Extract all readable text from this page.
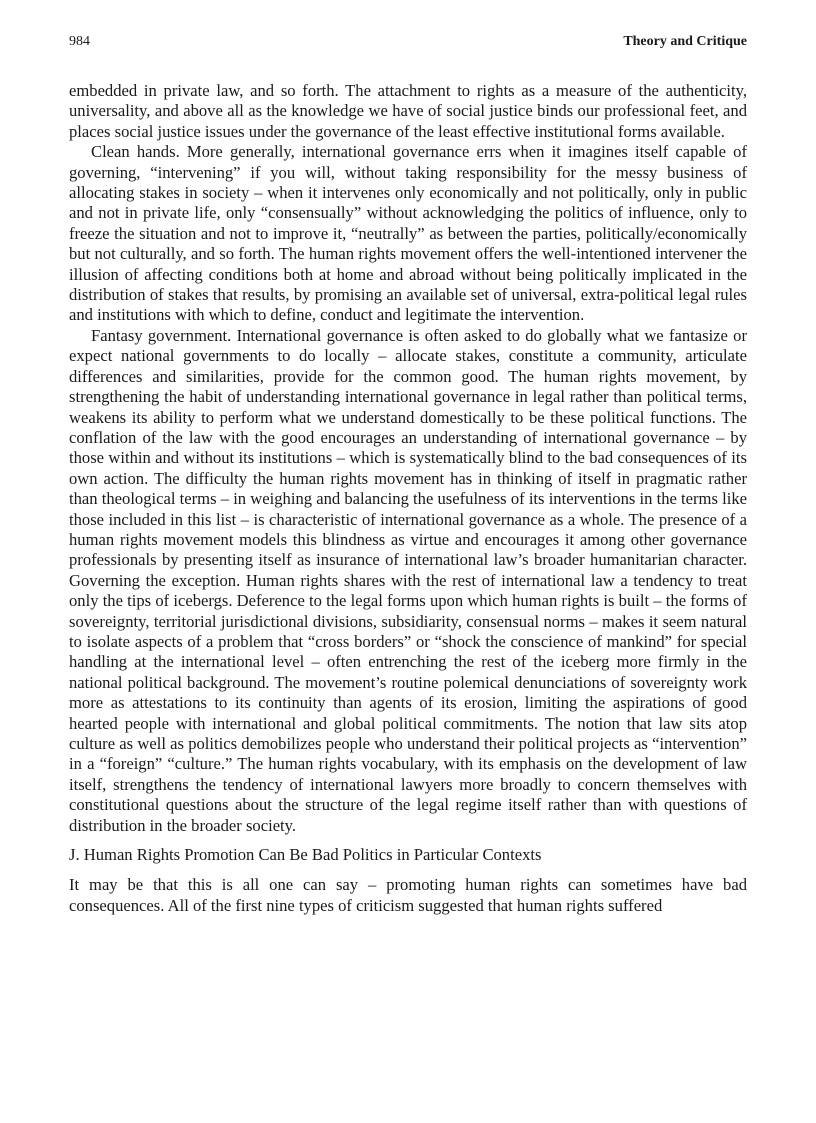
984	Theory and Critique

embedded in private law, and so forth. The attachment to rights as a measure of the authenticity, universality, and above all as the knowledge we have of social justice binds our professional feet, and places social justice issues under the governance of the least effective institutional forms available.

Clean hands. More generally, international governance errs when it imagines itself capable of governing, “intervening” if you will, without taking responsibility for the messy business of allocating stakes in society – when it intervenes only economically and not politically, only in public and not in private life, only “consensually” without acknowledging the politics of influence, only to freeze the situation and not to improve it, “neutrally” as between the parties, politically/economically but not culturally, and so forth. The human rights movement offers the well-intentioned intervener the illusion of affecting conditions both at home and abroad without being politically implicated in the distribution of stakes that results, by promising an available set of universal, extra-political legal rules and institutions with which to define, conduct and legitimate the intervention.

Fantasy government. International governance is often asked to do globally what we fantasize or expect national governments to do locally – allocate stakes, constitute a community, articulate differences and similarities, provide for the common good. The human rights movement, by strengthening the habit of understanding international governance in legal rather than political terms, weakens its ability to perform what we understand domestically to be these political functions. The conflation of the law with the good encourages an understanding of international governance – by those within and without its institutions – which is systematically blind to the bad consequences of its own action. The difficulty the human rights movement has in thinking of itself in pragmatic rather than theological terms – in weighing and balancing the usefulness of its interventions in the terms like those included in this list – is characteristic of international governance as a whole. The presence of a human rights movement models this blindness as virtue and encourages it among other governance professionals by presenting itself as insurance of international law’s broader humanitarian character. Governing the exception. Human rights shares with the rest of international law a tendency to treat only the tips of icebergs. Deference to the legal forms upon which human rights is built – the forms of sovereignty, territorial jurisdictional divisions, subsidiarity, consensual norms – makes it seem natural to isolate aspects of a problem that “cross borders” or “shock the conscience of mankind” for special handling at the international level – often entrenching the rest of the iceberg more firmly in the national political background. The movement’s routine polemical denunciations of sovereignty work more as attestations to its continuity than agents of its erosion, limiting the aspirations of good hearted people with international and global political commitments. The notion that law sits atop culture as well as politics demobilizes people who understand their political projects as “intervention” in a “foreign” “culture.” The human rights vocabulary, with its emphasis on the development of law itself, strengthens the tendency of international lawyers more broadly to concern themselves with constitutional questions about the structure of the legal regime itself rather than with questions of distribution in the broader society.

J. Human Rights Promotion Can Be Bad Politics in Particular Contexts

It may be that this is all one can say – promoting human rights can sometimes have bad consequences. All of the first nine types of criticism suggested that human rights suffered
